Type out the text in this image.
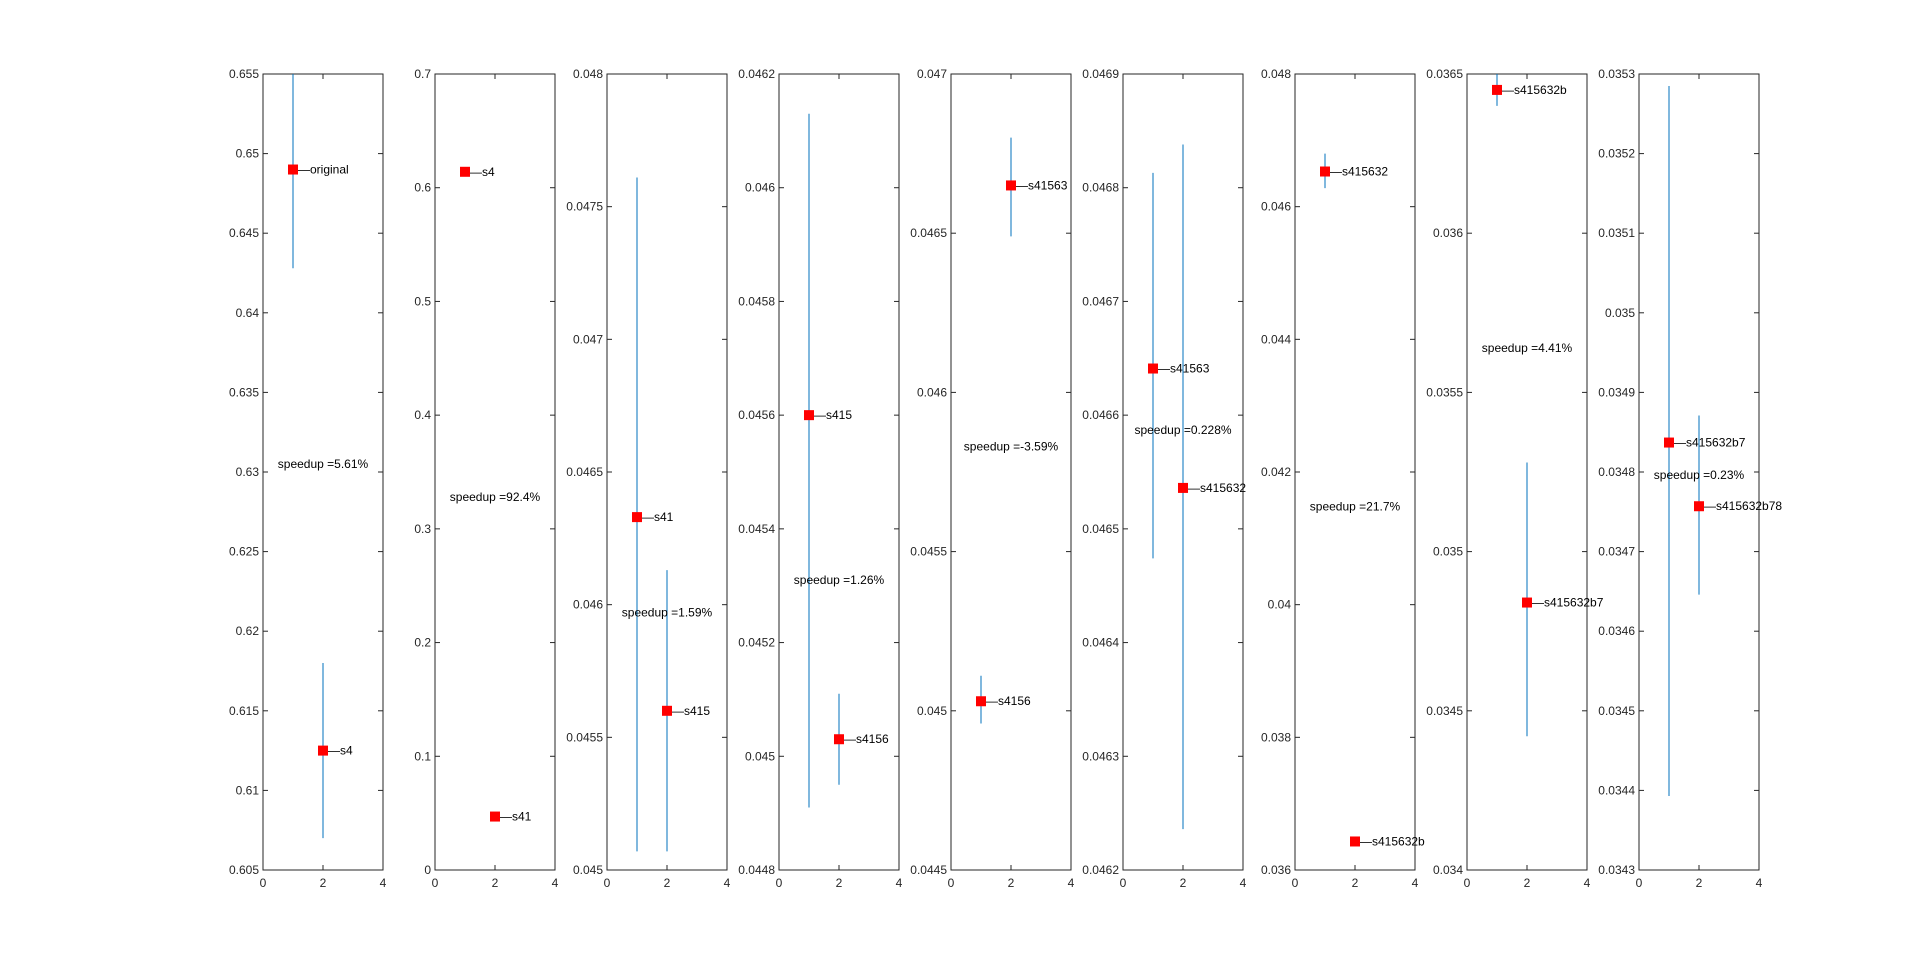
0.605
0.61
0.615
0.62
0.625
0.63
0.635
0.64
0.645
0.65
0.655
0	2	4
—original
—s4
speedup =5.61%
0
0.1
0.2
0.3
0.4
0.5
0.6
0.7
0	2	4
—s4
—s41
speedup =92.4%
0.045
0.0455
0.046
0.0465
0.047
0.0475
0.048
0	2	4
—s41
—s415
speedup =1.59%
0.0448
0.045
0.0452
0.0454
0.0456
0.0458
0.046
0.0462
0	2	4
—s415
—s4156
speedup =1.26%
0.0445
0.045
0.0455
0.046
0.0465
0.047
0	2	4
—s4156
—s41563
speedup =-3.59%
0.0462
0.0463
0.0464
0.0465
0.0466
0.0467
0.0468
0.0469
0	2	4
—s41563
—s415632
speedup =0.228%
0.036
0.038
0.04
0.042
0.044
0.046
0.048
0	2	4
—s415632
—s415632b
speedup =21.7%
0.034
0.0345
0.035
0.0355
0.036
0.0365
0	2	4
—s415632b
—s415632b7
speedup =4.41%
0.0343
0.0344
0.0345
0.0346
0.0347
0.0348
0.0349
0.035
0.0351
0.0352
0.0353
0	2	4
—s415632b7
—s415632b78
speedup =0.23%
